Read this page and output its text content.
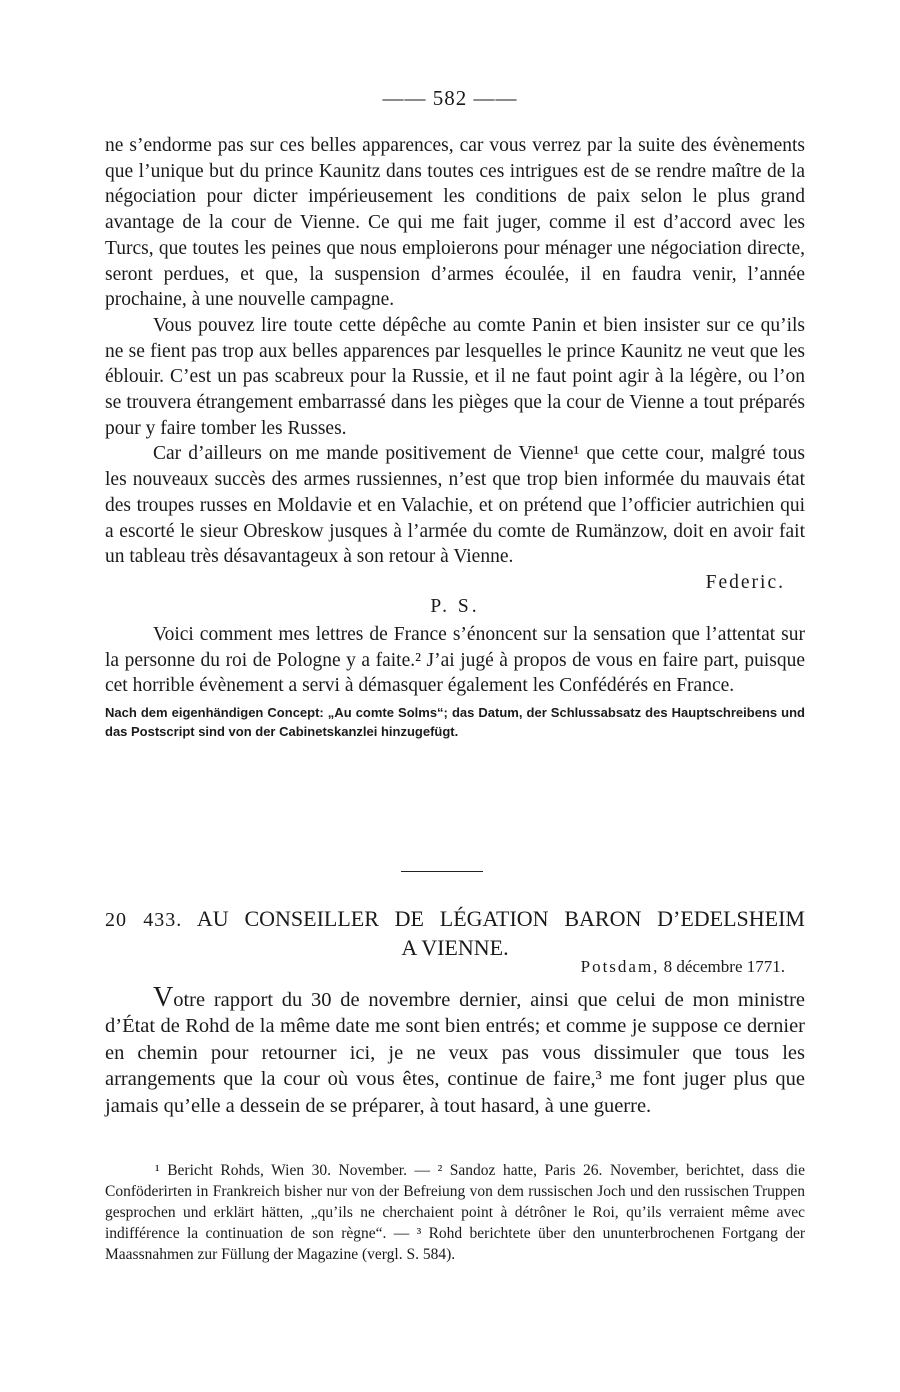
—— 582 ——

ne s’endorme pas sur ces belles apparences, car vous verrez par la suite des évènements que l’unique but du prince Kaunitz dans toutes ces intrigues est de se rendre maître de la négociation pour dicter impérieusement les conditions de paix selon le plus grand avantage de la cour de Vienne. Ce qui me fait juger, comme il est d’accord avec les Turcs, que toutes les peines que nous emploierons pour ménager une négociation directe, seront perdues, et que, la suspension d’armes écoulée, il en faudra venir, l’année prochaine, à une nouvelle campagne.

Vous pouvez lire toute cette dépêche au comte Panin et bien insister sur ce qu’ils ne se fient pas trop aux belles apparences par lesquelles le prince Kaunitz ne veut que les éblouir. C’est un pas scabreux pour la Russie, et il ne faut point agir à la légère, ou l’on se trouvera étrangement embarrassé dans les pièges que la cour de Vienne a tout préparés pour y faire tomber les Russes.

Car d’ailleurs on me mande positivement de Vienne¹ que cette cour, malgré tous les nouveaux succès des armes russiennes, n’est que trop bien informée du mauvais état des troupes russes en Moldavie et en Valachie, et on prétend que l’officier autrichien qui a escorté le sieur Obreskow jusques à l’armée du comte de Rumänzow, doit en avoir fait un tableau très désavantageux à son retour à Vienne.

Federic.
P. S.

Voici comment mes lettres de France s’énoncent sur la sensation que l’attentat sur la personne du roi de Pologne y a faite.² J’ai jugé à propos de vous en faire part, puisque cet horrible évènement a servi à démasquer également les Confédérés en France.

Nach dem eigenhändigen Concept: „Au comte Solms“; das Datum, der Schlussabsatz des Hauptschreibens und das Postscript sind von der Cabinetskanzlei hinzugefügt.
20 433. AU CONSEILLER DE LÉGATION BARON D’EDELSHEIM
A VIENNE.
Potsdam, 8 décembre 1771.

Votre rapport du 30 de novembre dernier, ainsi que celui de mon ministre d’État de Rohd de la même date me sont bien entrés; et comme je suppose ce dernier en chemin pour retourner ici, je ne veux pas vous dissimuler que tous les arrangements que la cour où vous êtes, continue de faire,³ me font juger plus que jamais qu’elle a dessein de se préparer, à tout hasard, à une guerre.

¹ Bericht Rohds, Wien 30. November. — ² Sandoz hatte, Paris 26. November, berichtet, dass die Conföderirten in Frankreich bisher nur von der Befreiung von dem russischen Joch und den russischen Truppen gesprochen und erklärt hätten, „qu’ils ne cherchaient point à détrôner le Roi, qu’ils verraient même avec indifférence la continuation de son règne“. — ³ Rohd berichtete über den ununterbrochenen Fortgang der Maassnahmen zur Füllung der Magazine (vergl. S. 584).
